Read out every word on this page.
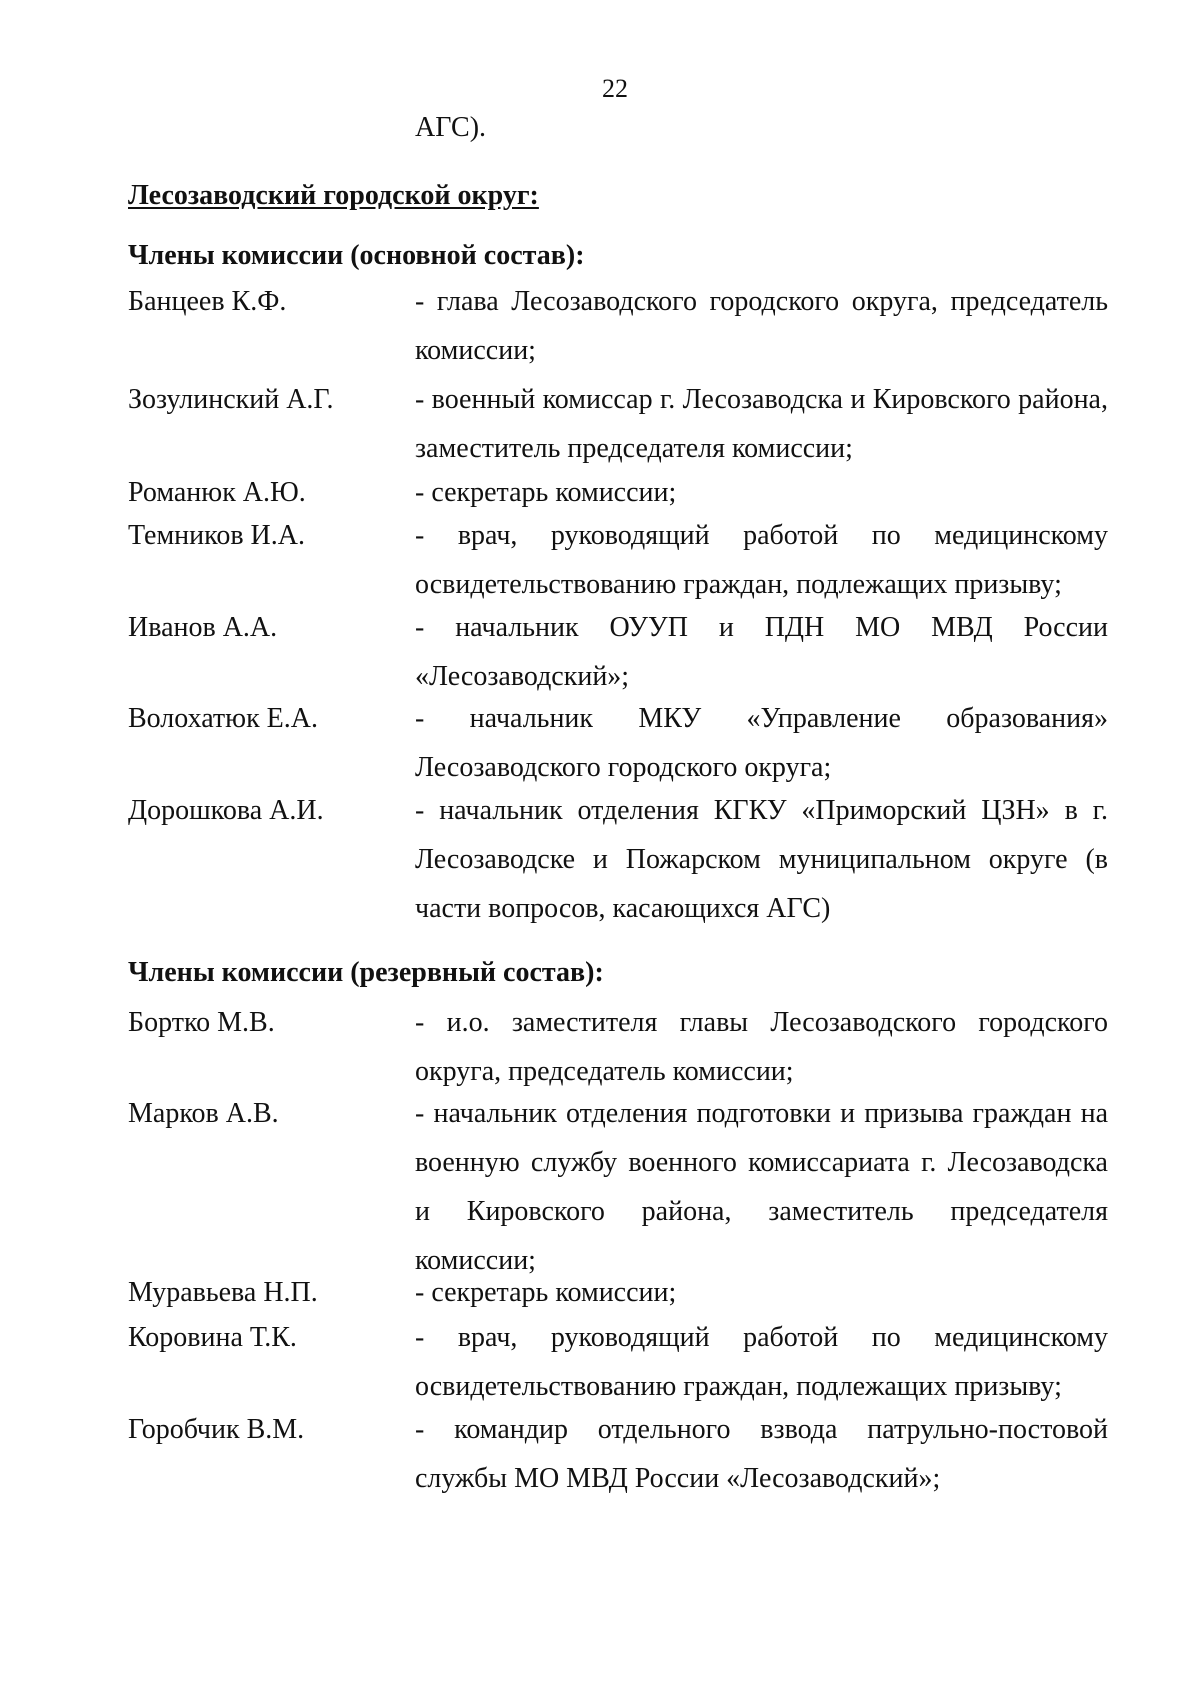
22
АГС).
Лесозаводский городской округ:
Члены комиссии (основной состав):
Банцеев К.Ф.	- глава Лесозаводского городского округа, председатель комиссии;
Зозулинский А.Г.	- военный комиссар г. Лесозаводска и Кировского района, заместитель председателя комиссии;
Романюк А.Ю.	- секретарь комиссии;
Темников И.А.	- врач, руководящий работой по медицинскому освидетельствованию граждан, подлежащих призыву;
Иванов А.А.	- начальник ОУУП и ПДН МО МВД России «Лесозаводский»;
Волохатюк Е.А.	- начальник МКУ «Управление образования» Лесозаводского городского округа;
Дорошкова А.И.	- начальник отделения КГКУ «Приморский ЦЗН» в г. Лесозаводске и Пожарском муниципальном округе (в части вопросов, касающихся АГС)
Члены комиссии (резервный состав):
Бортко М.В.	- и.о. заместителя главы Лесозаводского городского округа, председатель комиссии;
Марков А.В.	- начальник отделения подготовки и призыва граждан на военную службу военного комиссариата г. Лесозаводска и Кировского района, заместитель председателя комиссии;
Муравьева Н.П.	- секретарь комиссии;
Коровина Т.К.	- врач, руководящий работой по медицинскому освидетельствованию граждан, подлежащих призыву;
Горобчик В.М.	- командир отдельного взвода патрульно-постовой службы МО МВД России «Лесозаводский»;
